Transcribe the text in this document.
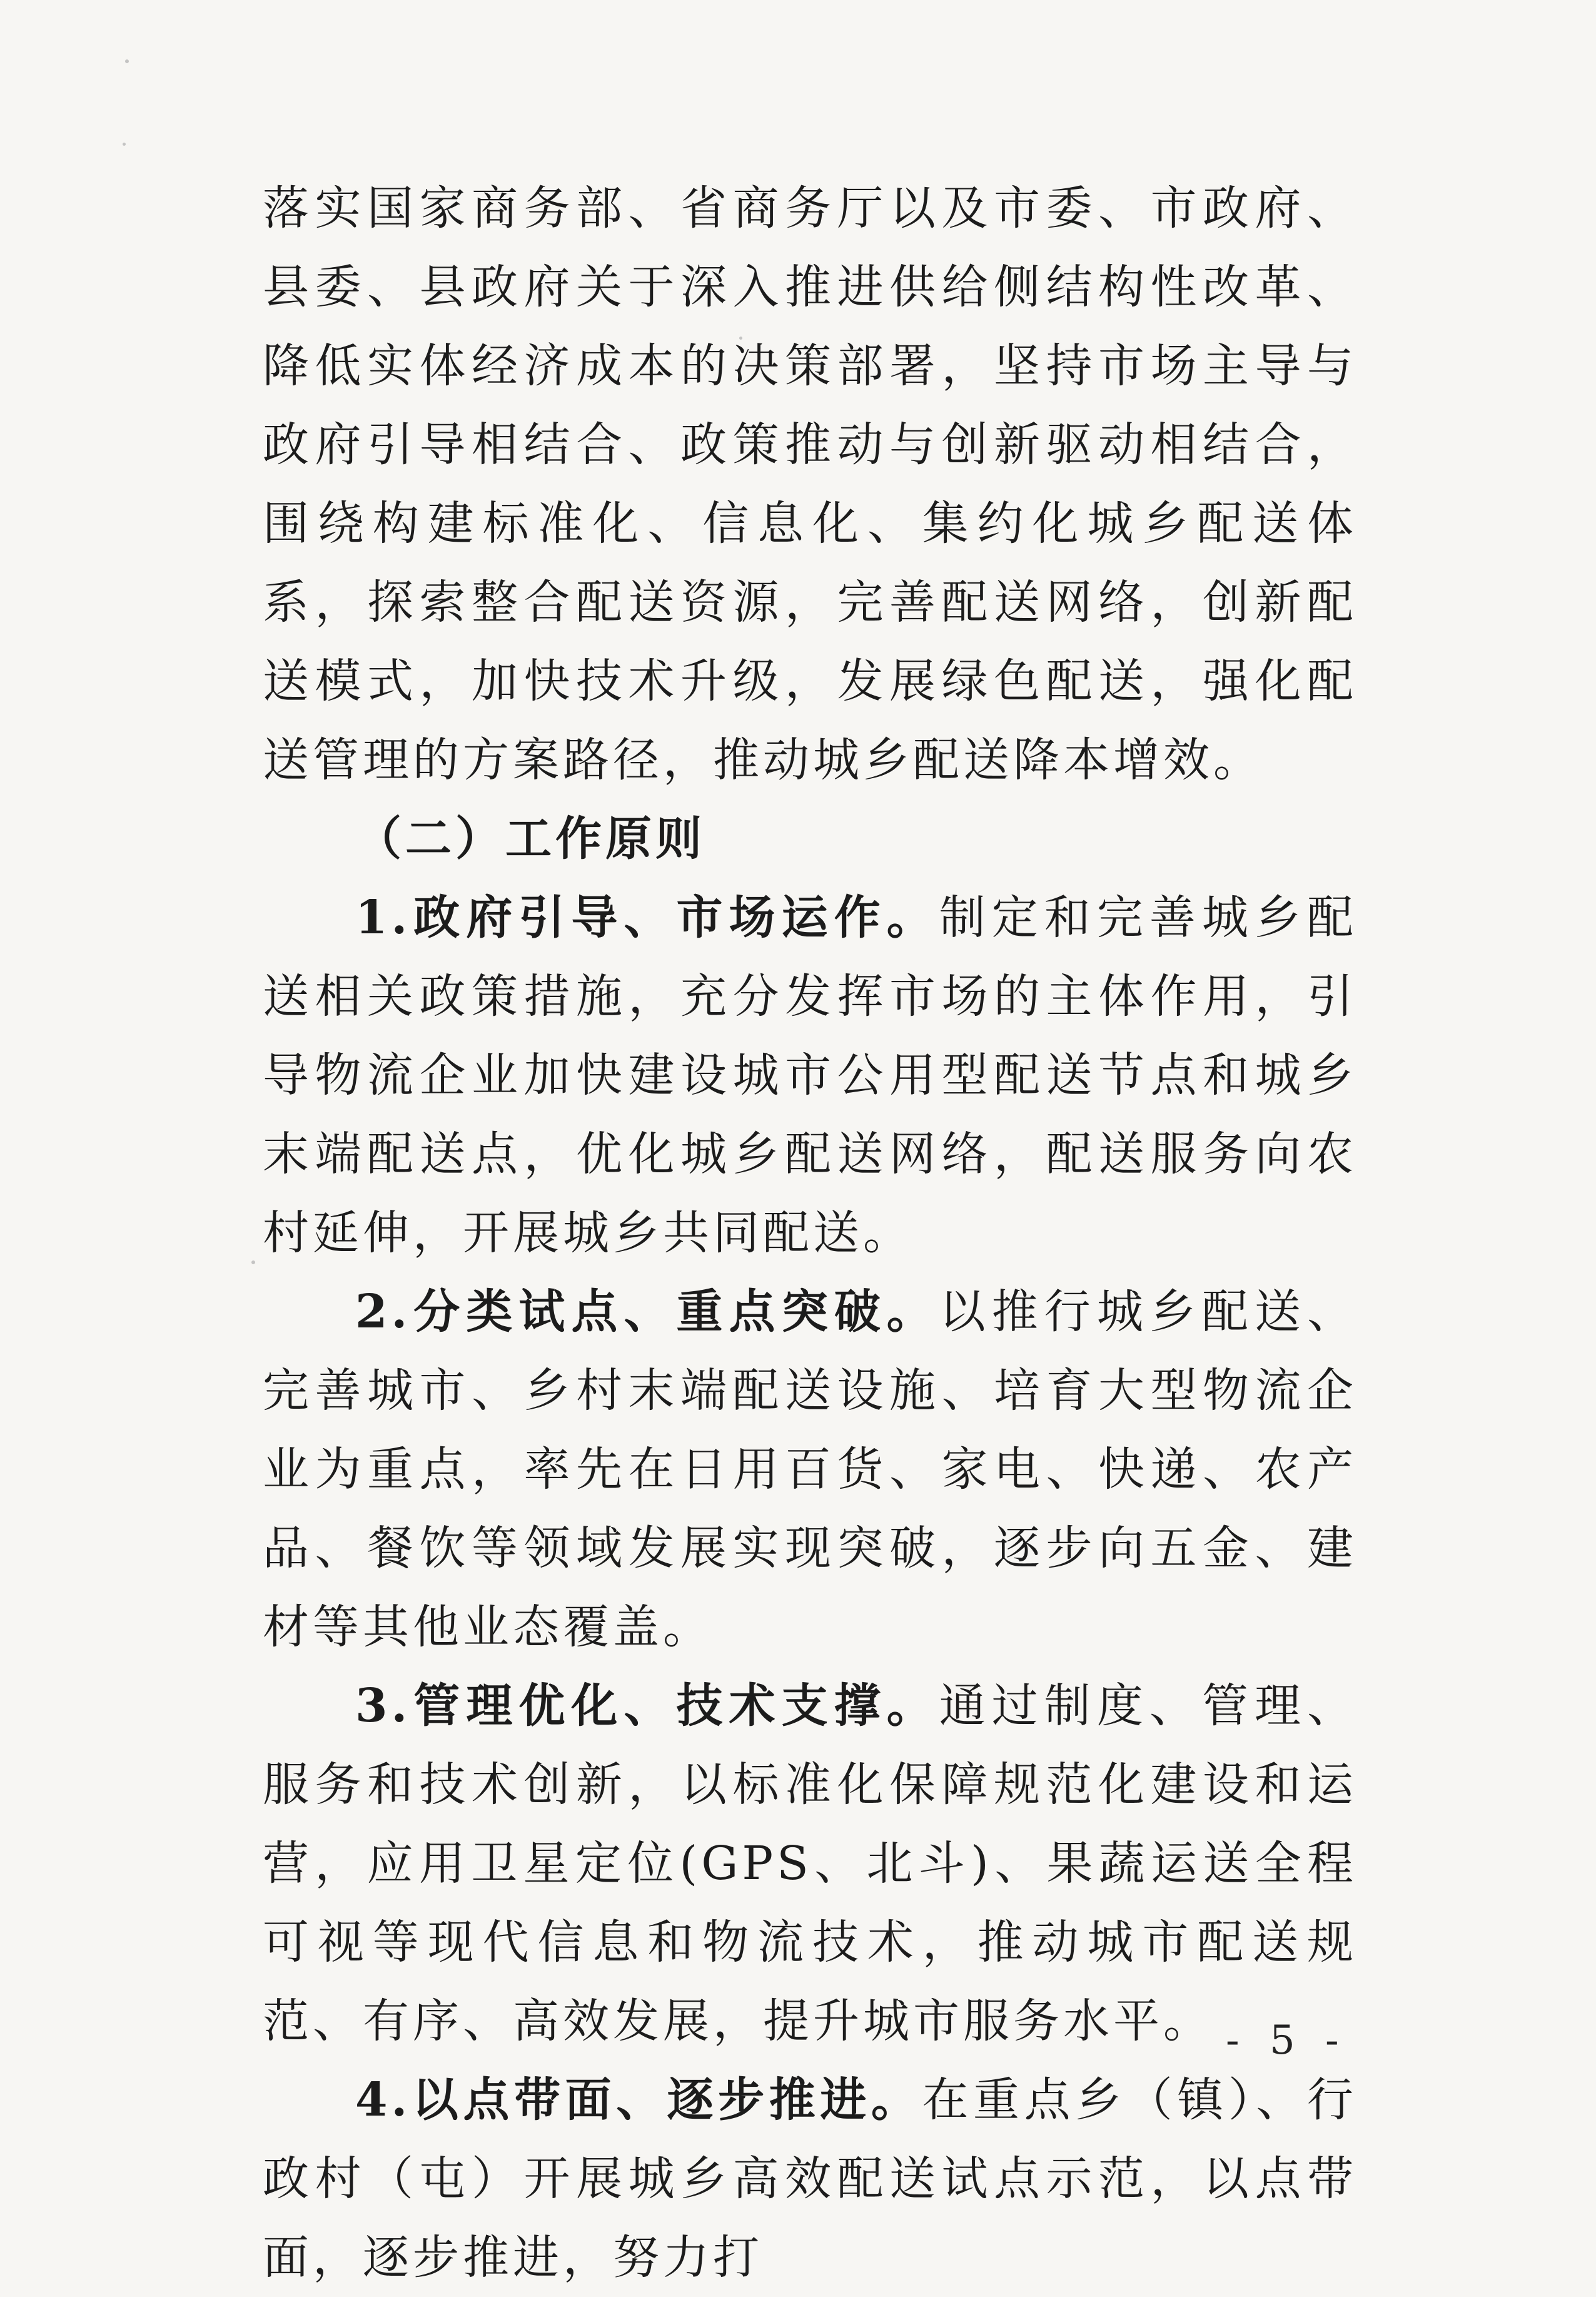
落实国家商务部、省商务厅以及市委、市政府、县委、县政府关于深入推进供给侧结构性改革、降低实体经济成本的决策部署，坚持市场主导与政府引导相结合、政策推动与创新驱动相结合，围绕构建标准化、信息化、集约化城乡配送体系，探索整合配送资源，完善配送网络，创新配送模式，加快技术升级，发展绿色配送，强化配送管理的方案路径，推动城乡配送降本增效。

（二）工作原则

1.政府引导、市场运作。制定和完善城乡配送相关政策措施，充分发挥市场的主体作用，引导物流企业加快建设城市公用型配送节点和城乡末端配送点，优化城乡配送网络，配送服务向农村延伸，开展城乡共同配送。

2.分类试点、重点突破。以推行城乡配送、完善城市、乡村末端配送设施、培育大型物流企业为重点，率先在日用百货、家电、快递、农产品、餐饮等领域发展实现突破，逐步向五金、建材等其他业态覆盖。

3.管理优化、技术支撑。通过制度、管理、服务和技术创新，以标准化保障规范化建设和运营，应用卫星定位(GPS、北斗)、果蔬运送全程可视等现代信息和物流技术，推动城市配送规范、有序、高效发展，提升城市服务水平。

4.以点带面、逐步推进。在重点乡（镇）、行政村（屯）开展城乡高效配送试点示范，以点带面，逐步推进，努力打

- 5 -
